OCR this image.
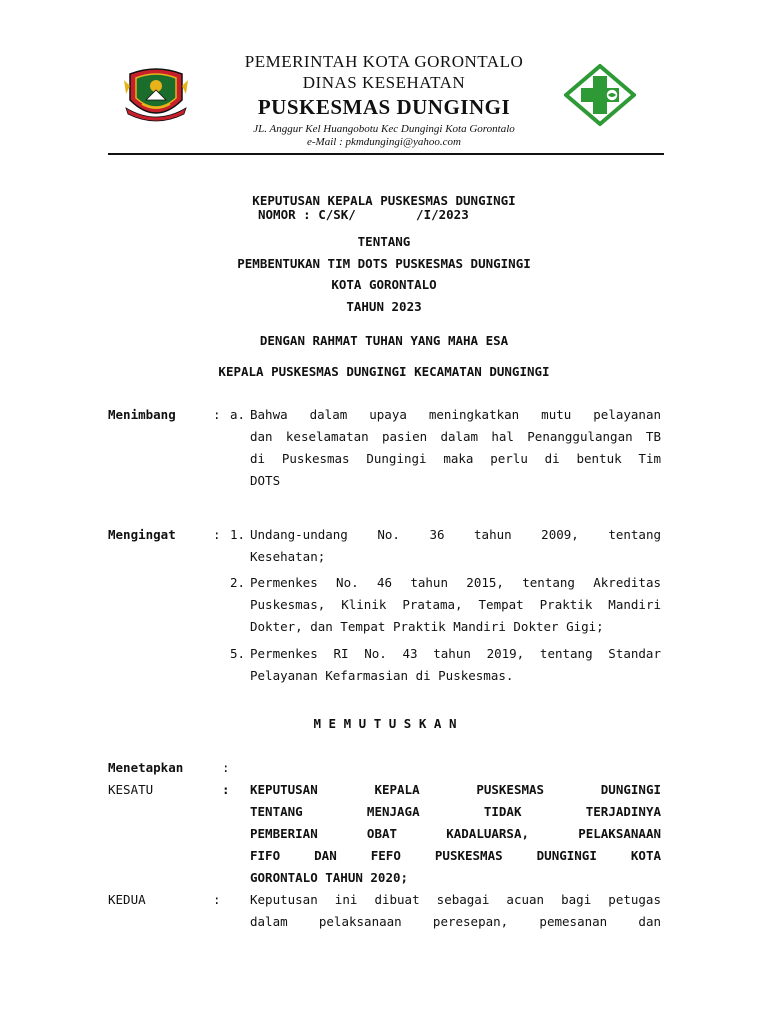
PEMERINTAH KOTA GORONTALO
DINAS KESEHATAN
PUSKESMAS DUNGINGI
JL. Anggur Kel Huangobotu Kec Dungingi Kota Gorontalo
e-Mail : pkmdungingi@yahoo.com
KEPUTUSAN KEPALA PUSKESMAS DUNGINGI
NOMOR : C/SK/        /I/2023
TENTANG
PEMBENTUKAN TIM DOTS PUSKESMAS DUNGINGI
KOTA GORONTALO
TAHUN 2023
DENGAN RAHMAT TUHAN YANG MAHA ESA
KEPALA PUSKESMAS DUNGINGI KECAMATAN DUNGINGI
Menimbang	: a. Bahwa dalam upaya meningkatkan mutu pelayanan
dan keselamatan pasien dalam hal Penanggulangan TB
di Puskesmas Dungingi maka perlu di bentuk Tim
DOTS
Mengingat	: 1. Undang-undang No. 36 tahun 2009, tentang
Kesehatan;
2. Permenkes No. 46 tahun 2015, tentang Akreditas
Puskesmas, Klinik Pratama, Tempat Praktik Mandiri
Dokter, dan Tempat Praktik Mandiri Dokter Gigi;
5. Permenkes RI No. 43 tahun 2019, tentang Standar
Pelayanan Kefarmasian di Puskesmas.
M E M U T U S K A N
Menetapkan	:
KESATU	: KEPUTUSAN KEPALA PUSKESMAS DUNGINGI
TENTANG MENJAGA TIDAK TERJADINYA
PEMBERIAN OBAT KADALUARSA, PELAKSANAAN
FIFO DAN FEFO PUSKESMAS DUNGINGI KOTA
GORONTALO TAHUN 2020;
KEDUA	: Keputusan ini dibuat sebagai acuan bagi petugas
dalam pelaksanaan peresepan, pemesanan dan
